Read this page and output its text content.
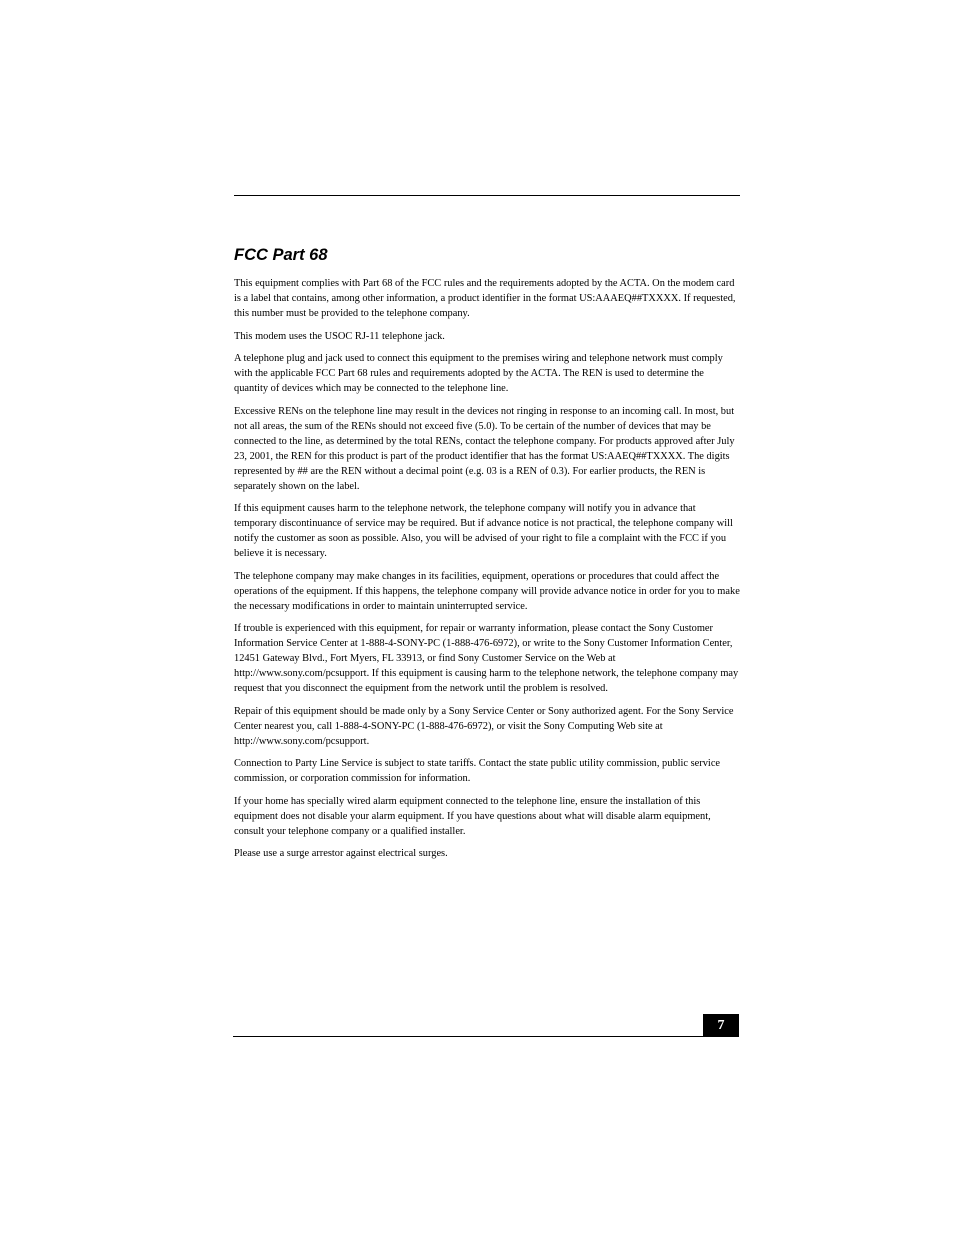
FCC Part 68

This equipment complies with Part 68 of the FCC rules and the requirements adopted by the ACTA. On the modem card is a label that contains, among other information, a product identifier in the format US:AAAEQ##TXXXX. If requested, this number must be provided to the telephone company.

This modem uses the USOC RJ-11 telephone jack.

A telephone plug and jack used to connect this equipment to the premises wiring and telephone network must comply with the applicable FCC Part 68 rules and requirements adopted by the ACTA. The REN is used to determine the quantity of devices which may be connected to the telephone line.

Excessive RENs on the telephone line may result in the devices not ringing in response to an incoming call. In most, but not all areas, the sum of the RENs should not exceed five (5.0). To be certain of the number of devices that may be connected to the line, as determined by the total RENs, contact the telephone company. For products approved after July 23, 2001, the REN for this product is part of the product identifier that has the format US:AAEQ##TXXXX. The digits represented by ## are the REN without a decimal point (e.g. 03 is a REN of 0.3). For earlier products, the REN is separately shown on the label.

If this equipment causes harm to the telephone network, the telephone company will notify you in advance that temporary discontinuance of service may be required. But if advance notice is not practical, the telephone company will notify the customer as soon as possible. Also, you will be advised of your right to file a complaint with the FCC if you believe it is necessary.

The telephone company may make changes in its facilities, equipment, operations or procedures that could affect the operations of the equipment. If this happens, the telephone company will provide advance notice in order for you to make the necessary modifications in order to maintain uninterrupted service.

If trouble is experienced with this equipment, for repair or warranty information, please contact the Sony Customer Information Service Center at 1-888-4-SONY-PC (1-888-476-6972), or write to the Sony Customer Information Center, 12451 Gateway Blvd., Fort Myers, FL 33913, or find Sony Customer Service on the Web at http://www.sony.com/pcsupport. If this equipment is causing harm to the telephone network, the telephone company may request that you disconnect the equipment from the network until the problem is resolved.

Repair of this equipment should be made only by a Sony Service Center or Sony authorized agent. For the Sony Service Center nearest you, call 1-888-4-SONY-PC (1-888-476-6972), or visit the Sony Computing Web site at http://www.sony.com/pcsupport.

Connection to Party Line Service is subject to state tariffs. Contact the state public utility commission, public service commission, or corporation commission for information.

If your home has specially wired alarm equipment connected to the telephone line, ensure the installation of this equipment does not disable your alarm equipment. If you have questions about what will disable alarm equipment, consult your telephone company or a qualified installer.

Please use a surge arrestor against electrical surges.

7
